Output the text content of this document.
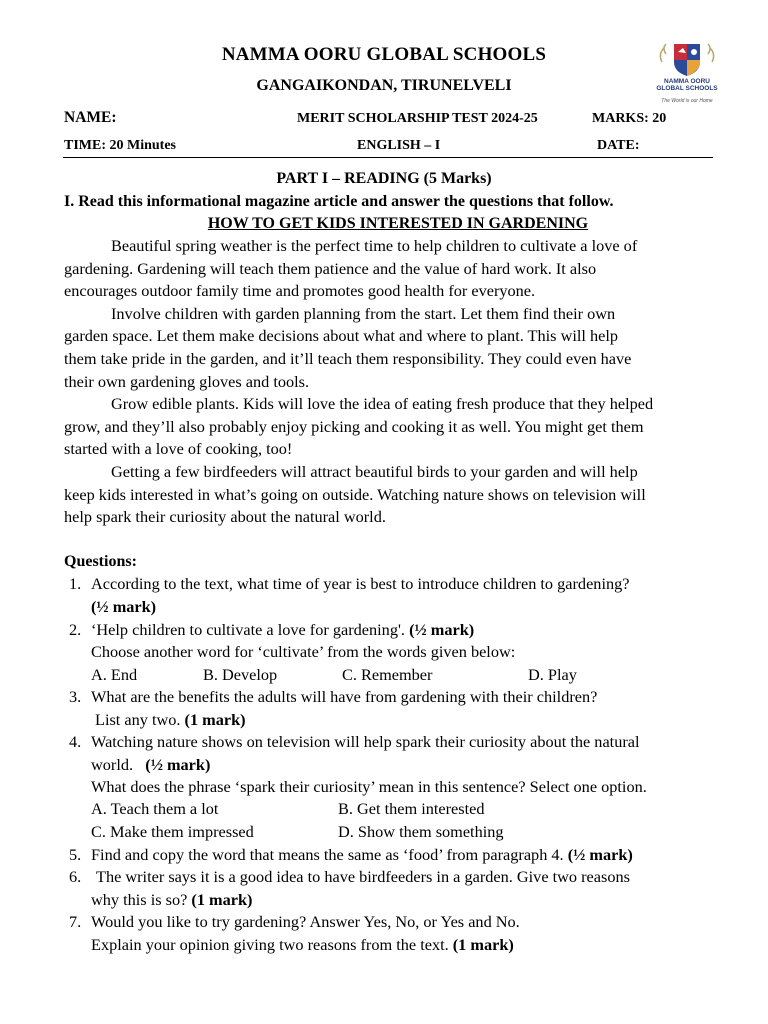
NAMMA OORU GLOBAL SCHOOLS
GANGAIKONDAN, TIRUNELVELI	NAMMA OORU
GLOBAL SCHOOLS
The World is our Home
NAME:	MERIT SCHOLARSHIP TEST 2024-25	MARKS: 20
TIME: 20 Minutes	ENGLISH – I	DATE:
PART I – READING (5 Marks)
I. Read this informational magazine article and answer the questions that follow.
HOW TO GET KIDS INTERESTED IN GARDENING
Beautiful spring weather is the perfect time to help children to cultivate a love of
gardening. Gardening will teach them patience and the value of hard work. It also
encourages outdoor family time and promotes good health for everyone.
Involve children with garden planning from the start. Let them find their own
garden space. Let them make decisions about what and where to plant. This will help
them take pride in the garden, and it’ll teach them responsibility. They could even have
their own gardening gloves and tools.
Grow edible plants. Kids will love the idea of eating fresh produce that they helped
grow, and they’ll also probably enjoy picking and cooking it as well. You might get them
started with a love of cooking, too!
Getting a few birdfeeders will attract beautiful birds to your garden and will help
keep kids interested in what’s going on outside. Watching nature shows on television will
help spark their curiosity about the natural world.
Questions:
1. According to the text, what time of year is best to introduce children to gardening?
(½ mark)
2. ‘Help children to cultivate a love for gardening'. (½ mark)
Choose another word for ‘cultivate’ from the words given below:
A. End	B. Develop	C. Remember	D. Play
3. What are the benefits the adults will have from gardening with their children?
List any two. (1 mark)
4. Watching nature shows on television will help spark their curiosity about the natural
world. (½ mark)
What does the phrase ‘spark their curiosity’ mean in this sentence? Select one option.
A. Teach them a lot	B. Get them interested
C. Make them impressed	D. Show them something
5. Find and copy the word that means the same as ‘food’ from paragraph 4. (½ mark)
6. The writer says it is a good idea to have birdfeeders in a garden. Give two reasons
why this is so? (1 mark)
7. Would you like to try gardening? Answer Yes, No, or Yes and No.
Explain your opinion giving two reasons from the text. (1 mark)
